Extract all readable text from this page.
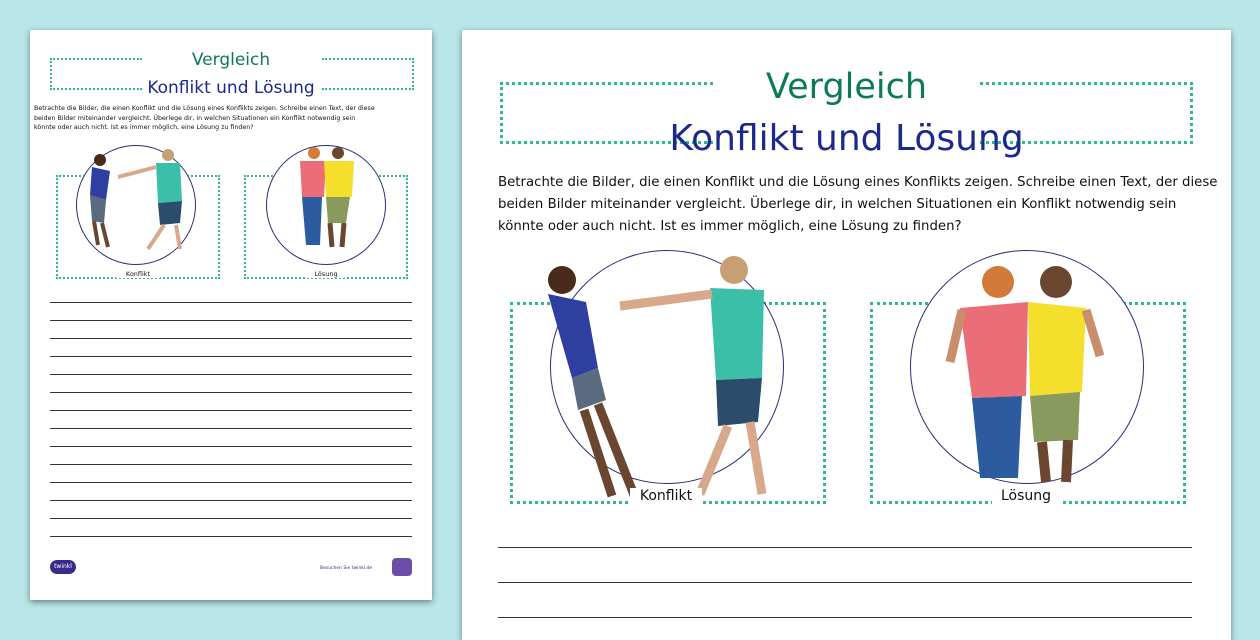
Vergleich
Konflikt und Lösung
Betrachte die Bilder, die einen Konflikt und die Lösung eines Konflikts zeigen. Schreibe einen Text, der diese
beiden Bilder miteinander vergleicht. Überlege dir, in welchen Situationen ein Konflikt notwendig sein
könnte oder auch nicht. Ist es immer möglich, eine Lösung zu finden?
Konflikt	Lösung
twinkl	Besuchen Sie twinkl.de
Vergleich
Konflikt und Lösung
Betrachte die Bilder, die einen Konflikt und die Lösung eines Konflikts zeigen. Schreibe einen Text, der diese
beiden Bilder miteinander vergleicht. Überlege dir, in welchen Situationen ein Konflikt notwendig sein
könnte oder auch nicht. Ist es immer möglich, eine Lösung zu finden?
Konflikt	Lösung
